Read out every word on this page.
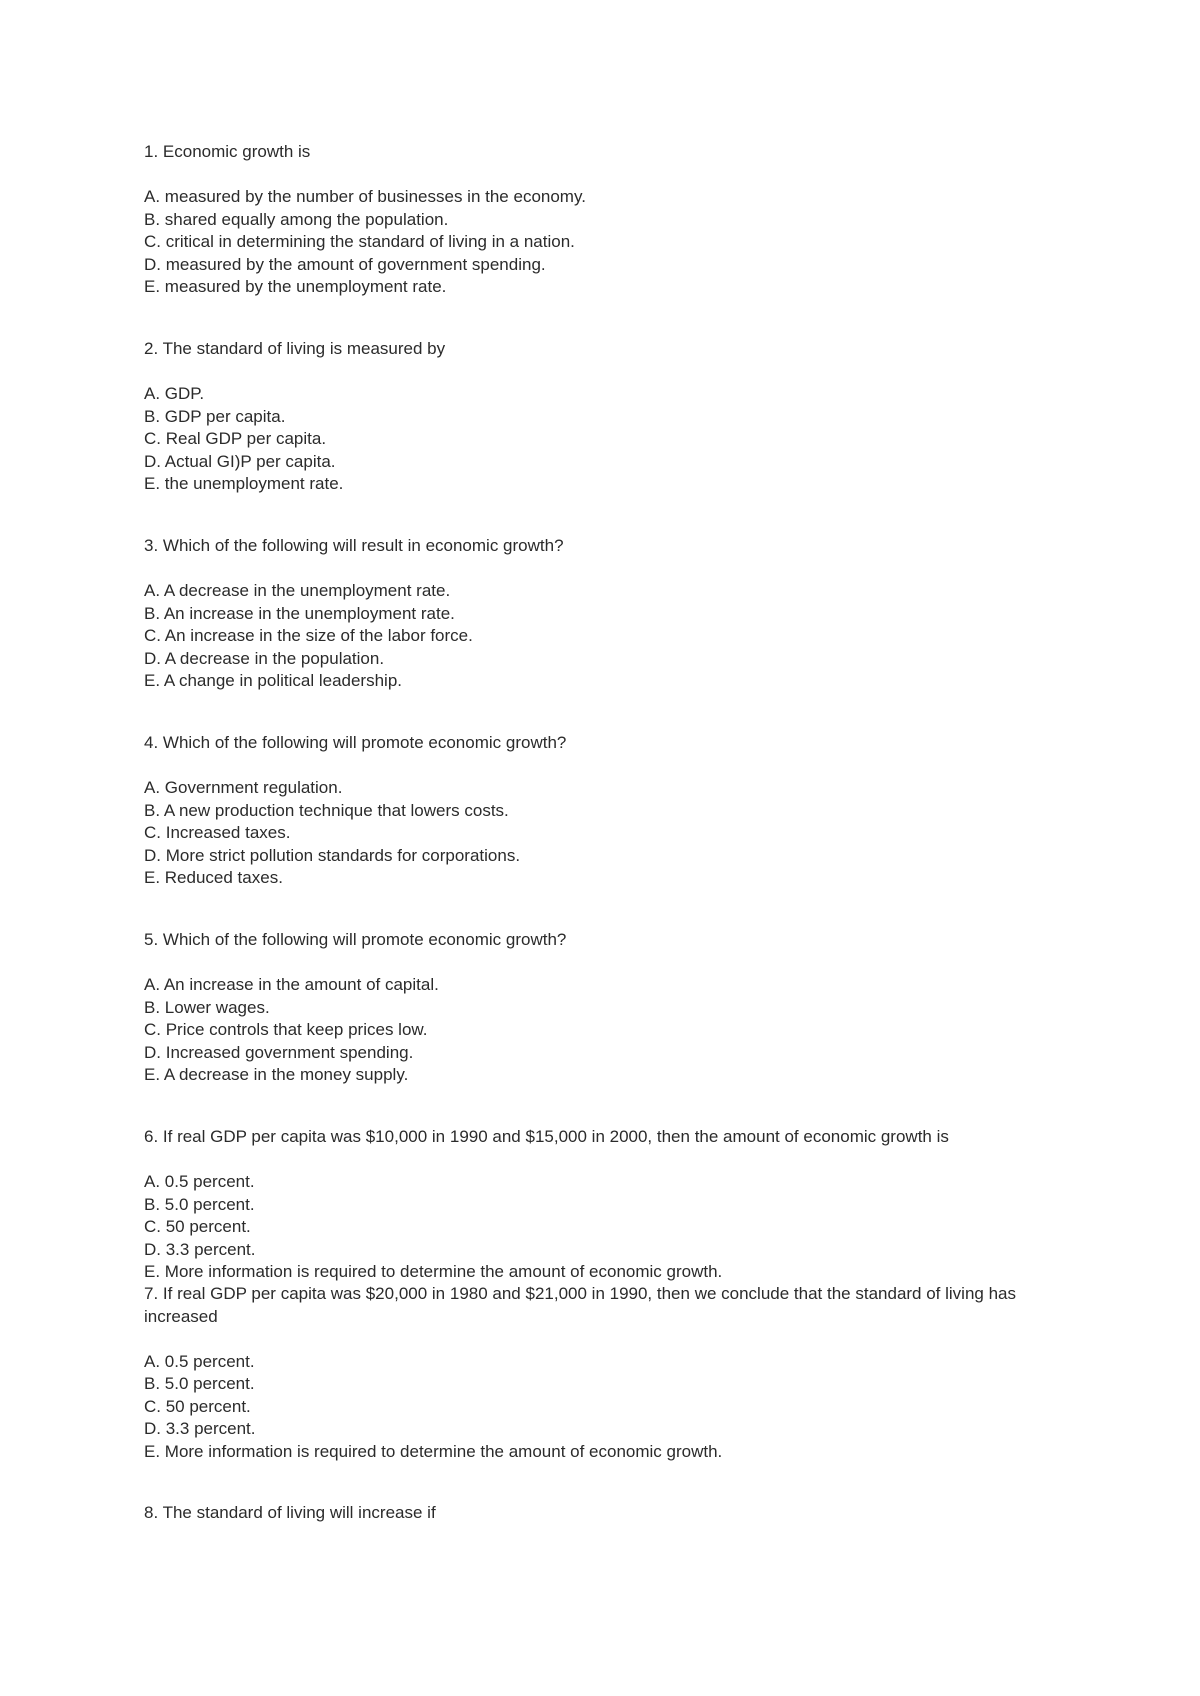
1. Economic growth is
A. measured by the number of businesses in the economy.
B. shared equally among the population.
C. critical in determining the standard of living in a nation.
D. measured by the amount of government spending.
E. measured by the unemployment rate.
2. The standard of living is measured by
A. GDP.
B. GDP per capita.
C. Real GDP per capita.
D. Actual GI)P per capita.
E. the unemployment rate.
3. Which of the following will result in economic growth?
A. A decrease in the unemployment rate.
B. An increase in the unemployment rate.
C. An increase in the size of the labor force.
D. A decrease in the population.
E. A change in political leadership.
4. Which of the following will promote economic growth?
A. Government regulation.
B. A new production technique that lowers costs.
C. Increased taxes.
D. More strict pollution standards for corporations.
E. Reduced taxes.
5. Which of the following will promote economic growth?
A. An increase in the amount of capital.
B. Lower wages.
C. Price controls that keep prices low.
D. Increased government spending.
E. A decrease in the money supply.
6. If real GDP per capita was $10,000 in 1990 and $15,000 in 2000, then the amount of economic growth is
A. 0.5 percent.
B. 5.0 percent.
C. 50 percent.
D. 3.3 percent.
E. More information is required to determine the amount of economic growth.
7. If real GDP per capita was $20,000 in 1980 and $21,000 in 1990, then we conclude that the standard of living has increased
A. 0.5 percent.
B. 5.0 percent.
C. 50 percent.
D. 3.3 percent.
E. More information is required to determine the amount of economic growth.
8. The standard of living will increase if
